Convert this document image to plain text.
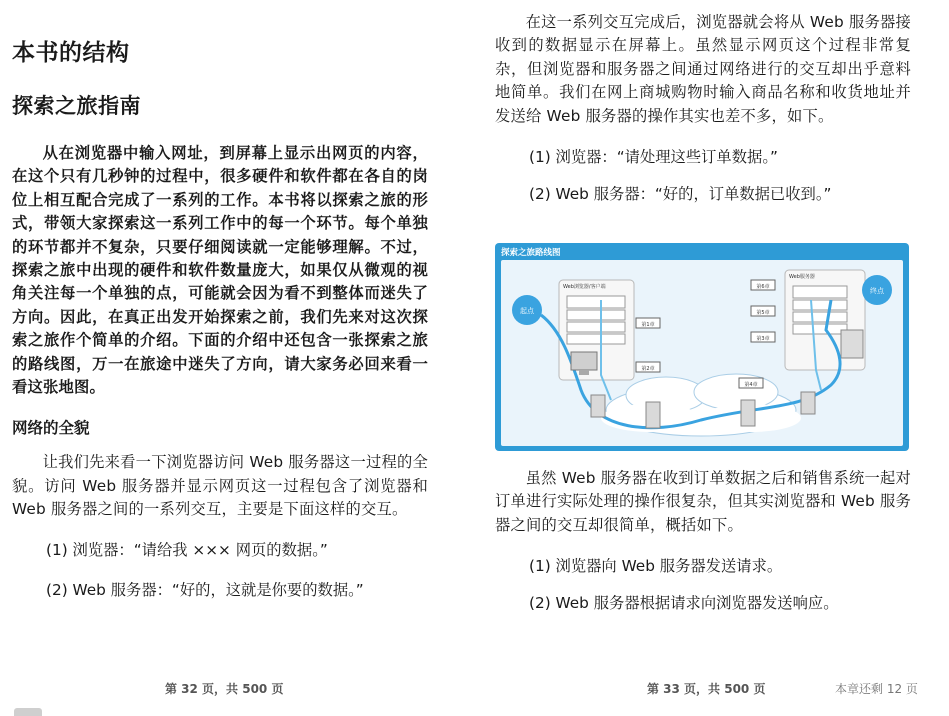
本书的结构
探索之旅指南

从在浏览器中输入网址，到屏幕上显示出网页的内容，在这个只有几秒钟的过程中，很多硬件和软件都在各自的岗位上相互配合完成了一系列的工作。本书将以探索之旅的形式，带领大家探索这一系列工作中的每一个环节。每个单独的环节都并不复杂，只要仔细阅读就一定能够理解。不过，探索之旅中出现的硬件和软件数量庞大，如果仅从微观的视角关注每一个单独的点，可能就会因为看不到整体而迷失了方向。因此，在真正出发开始探索之前，我们先来对这次探索之旅作个简单的介绍。下面的介绍中还包含一张探索之旅的路线图，万一在旅途中迷失了方向，请大家务必回来看一看这张地图。

网络的全貌

让我们先来看一下浏览器访问 Web 服务器这一过程的全貌。访问 Web 服务器并显示网页这一过程包含了浏览器和 Web 服务器之间的一系列交互，主要是下面这样的交互。

(1) 浏览器：“请给我 ××× 网页的数据。”

(2) Web 服务器：“好的，这就是你要的数据。”

第 32 页，共 500 页

在这一系列交互完成后，浏览器就会将从 Web 服务器接收到的数据显示在屏幕上。虽然显示网页这个过程非常复杂，但浏览器和服务器之间通过网络进行的交互却出乎意料地简单。我们在网上商城购物时输入商品名称和收货地址并发送给 Web 服务器的操作其实也差不多，如下。

(1) 浏览器：“请处理这些订单数据。”

(2) Web 服务器：“好的，订单数据已收到。”

探索之旅路线图
Web浏览器/客户端
Web服务器
起点
终点
第1章
第2章
第4章
第6章
第5章
第3章

虽然 Web 服务器在收到订单数据之后和销售系统一起对订单进行实际处理的操作很复杂，但其实浏览器和 Web 服务器之间的交互却很简单，概括如下。

(1) 浏览器向 Web 服务器发送请求。

(2) Web 服务器根据请求向浏览器发送响应。

第 33 页，共 500 页	本章还剩 12 页
